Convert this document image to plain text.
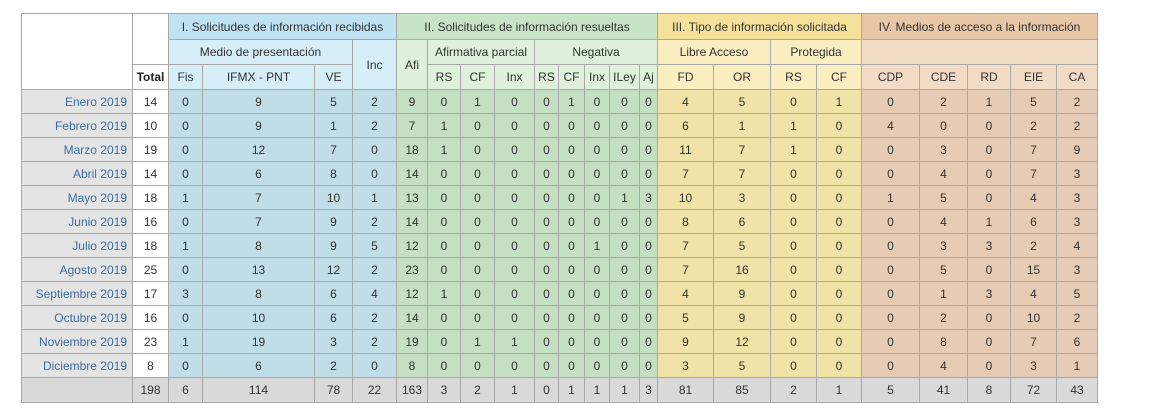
		I. Solicitudes de información recibidas				II. Solicitudes de información resueltas									III. Tipo de información solicitada				IV. Medios de acceso a la información				
		Medio de presentación			Inc	Afi	Afirmativa parcial			Negativa					Libre Acceso		Protegida						
	Total	Fis	IFMX - PNT	VE			RS	CF	Inx	RS	CF	Inx	ILey	Aj	FD	OR	RS	CF	CDP	CDE	RD	EIE	CA
Enero 2019	14	0	9	5	2	9	0	1	0	0	1	0	0	0	4	5	0	1	0	2	1	5	2
Febrero 2019	10	0	9	1	2	7	1	0	0	0	0	0	0	0	6	1	1	0	4	0	0	2	2
Marzo 2019	19	0	12	7	0	18	1	0	0	0	0	0	0	0	11	7	1	0	0	3	0	7	9
Abril 2019	14	0	6	8	0	14	0	0	0	0	0	0	0	0	7	7	0	0	0	4	0	7	3
Mayo 2019	18	1	7	10	1	13	0	0	0	0	0	0	1	3	10	3	0	0	1	5	0	4	3
Junio 2019	16	0	7	9	2	14	0	0	0	0	0	0	0	0	8	6	0	0	0	4	1	6	3
Julio 2019	18	1	8	9	5	12	0	0	0	0	0	1	0	0	7	5	0	0	0	3	3	2	4
Agosto 2019	25	0	13	12	2	23	0	0	0	0	0	0	0	0	7	16	0	0	0	5	0	15	3
Septiembre 2019	17	3	8	6	4	12	1	0	0	0	0	0	0	0	4	9	0	0	0	1	3	4	5
Octubre 2019	16	0	10	6	2	14	0	0	0	0	0	0	0	0	5	9	0	0	0	2	0	10	2
Noviembre 2019	23	1	19	3	2	19	0	1	1	0	0	0	0	0	9	12	0	0	0	8	0	7	6
Diciembre 2019	8	0	6	2	0	8	0	0	0	0	0	0	0	0	3	5	0	0	0	4	0	3	1
	198	6	114	78	22	163	3	2	1	0	1	1	1	3	81	85	2	1	5	41	8	72	43
